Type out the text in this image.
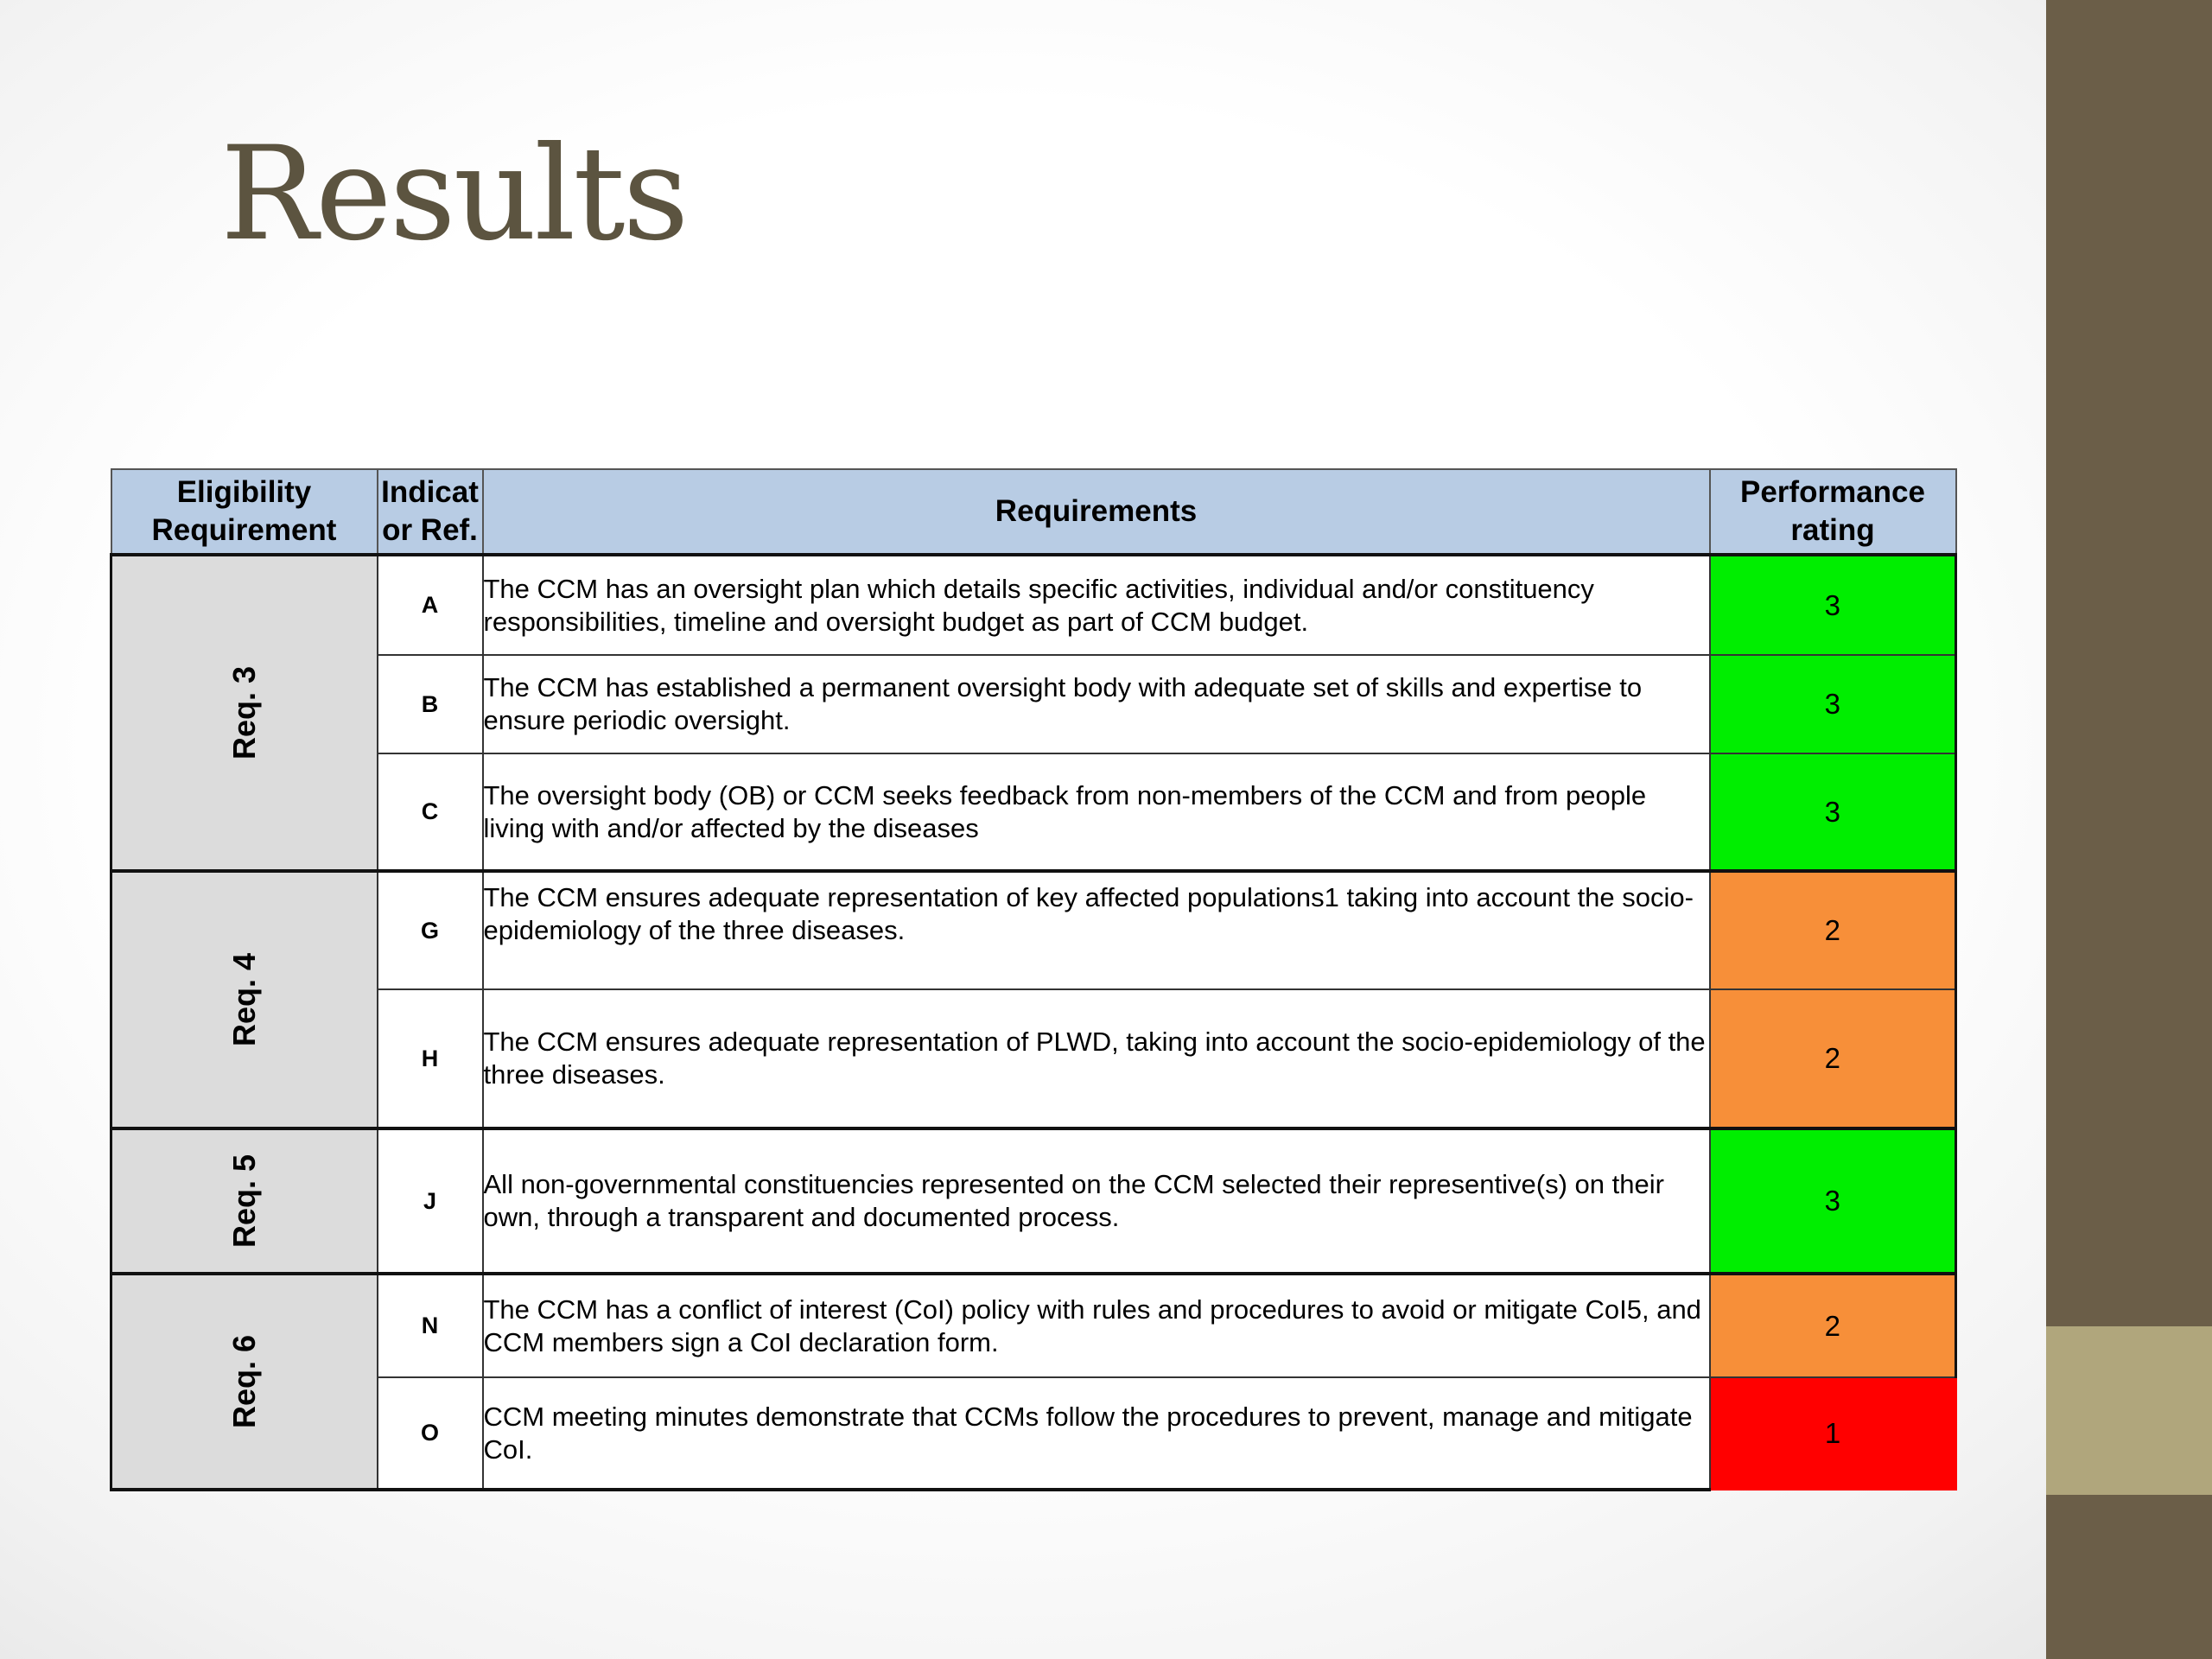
Results
Eligibility Requirement	Indicat or Ref.	Requirements	Performance rating
Req. 3	A	The CCM has an oversight plan which details specific activities, individual and/or constituency responsibilities, timeline and oversight budget as part of CCM budget.	3
	B	The CCM has established a permanent oversight body with adequate set of skills and expertise to ensure periodic oversight.	3
	C	The oversight body (OB) or CCM seeks feedback from non-members of the CCM and from people living with and/or affected by the diseases	3
Req. 4	G	The CCM ensures adequate representation of key affected populations1 taking into account the socio-epidemiology of the three diseases.	2
	H	The CCM ensures adequate representation of PLWD, taking into account the socio-epidemiology of the three diseases.	2
Req. 5	J	All non-governmental constituencies represented on the CCM selected their representive(s) on their own, through a transparent and documented process.	3
Req. 6	N	The CCM has a conflict of interest (CoI) policy with rules and procedures to avoid or mitigate CoI5, and CCM members sign a CoI declaration form.	2
	O	CCM meeting minutes demonstrate that CCMs follow the procedures to prevent, manage and mitigate CoI.	1
